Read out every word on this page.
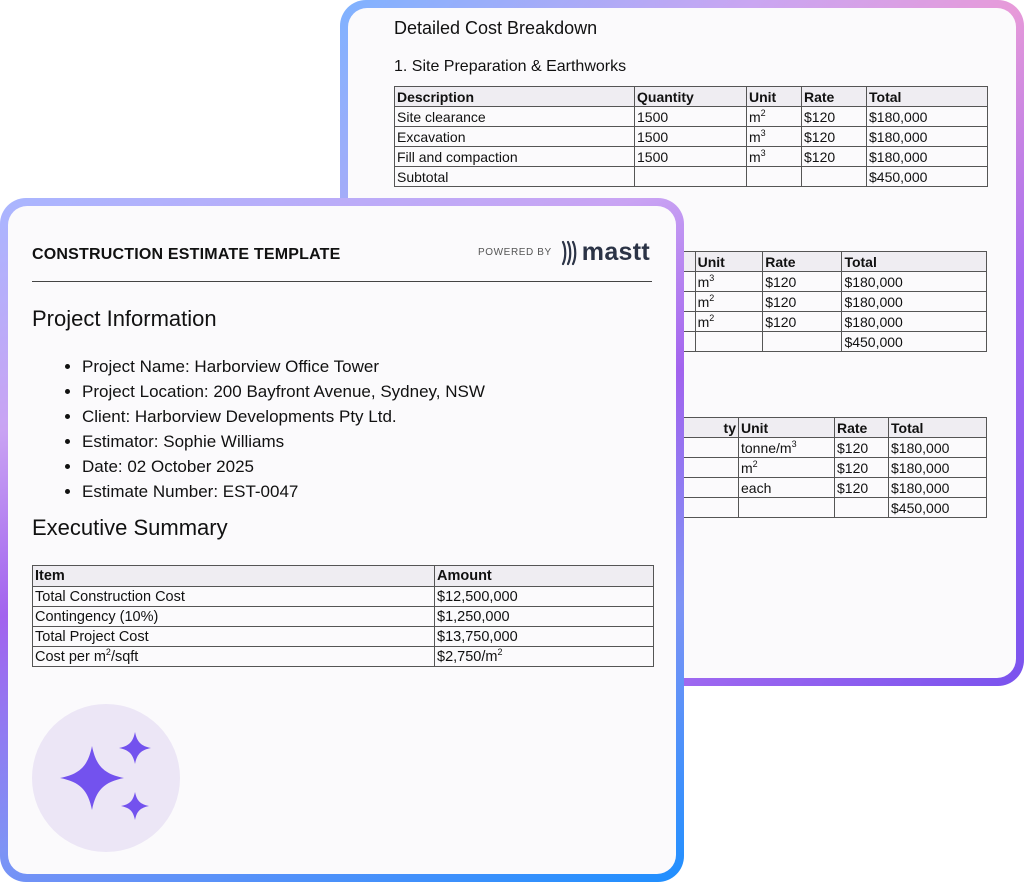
Detailed Cost Breakdown
1. Site Preparation & Earthworks
Description	Quantity	Unit	Rate	Total
Site clearance	1500	$m^2$	$120	$180,000
Excavation	1500	$m^3$	$120	$180,000
Fill and compaction	1500	$m^3$	$120	$180,000
Subtotal				$450,000
	Unit	Rate	Total
	$m^3$	$120	$180,000
	$m^2$	$120	$180,000
	$m^2$	$120	$180,000
			$450,000
ty	Unit	Rate	Total
	tonne/$m^3$	$120	$180,000
	$m^2$	$120	$180,000
	each	$120	$180,000
			$450,000
CONSTRUCTION ESTIMATE TEMPLATE	POWERED BY mastt
Project Information
• Project Name: Harborview Office Tower
• Project Location: 200 Bayfront Avenue, Sydney, NSW
• Client: Harborview Developments Pty Ltd.
• Estimator: Sophie Williams
• Date: 02 October 2025
• Estimate Number: EST-0047
Executive Summary
Item	Amount
Total Construction Cost	$12,500,000
Contingency (10%)	$1,250,000
Total Project Cost	$13,750,000
Cost per $m^2$/sqft	$\$2,750/m^2$
